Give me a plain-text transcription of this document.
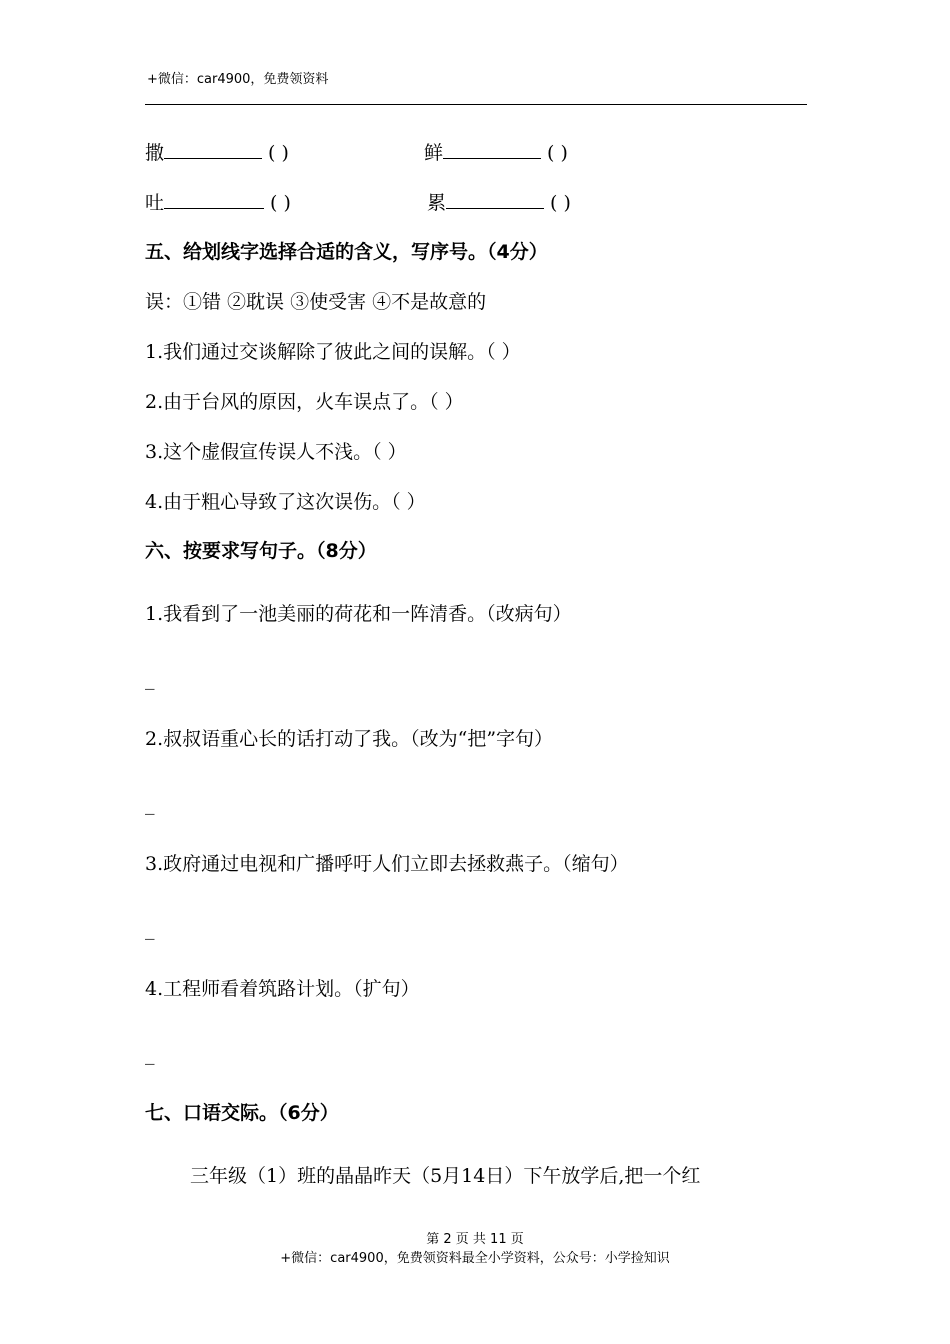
+微信：car4900，免费领资料
撒	( )	鲜	( )
吐	( )	累	( )
五、给划线字选择合适的含义，写序号。（4分）
误：①错 ②耽误 ③使受害 ④不是故意的
1.我们通过交谈解除了彼此之间的误解。（ ）
2.由于台风的原因，火车误点了。（ ）
3.这个虚假宣传误人不浅。（ ）
4.由于粗心导致了这次误伤。（ ）
六、按要求写句子。（8分）
1.我看到了一池美丽的荷花和一阵清香。（改病句）
_
2.叔叔语重心长的话打动了我。（改为“把”字句）
_
3.政府通过电视和广播呼吁人们立即去拯救燕子。（缩句）
_
4.工程师看着筑路计划。（扩句）
_
七、口语交际。（6分）
三年级（1）班的晶晶昨天（5月14日）下午放学后,把一个红
第 2 页 共 11 页
+微信：car4900，免费领资料最全小学资料，公众号：小学捡知识
